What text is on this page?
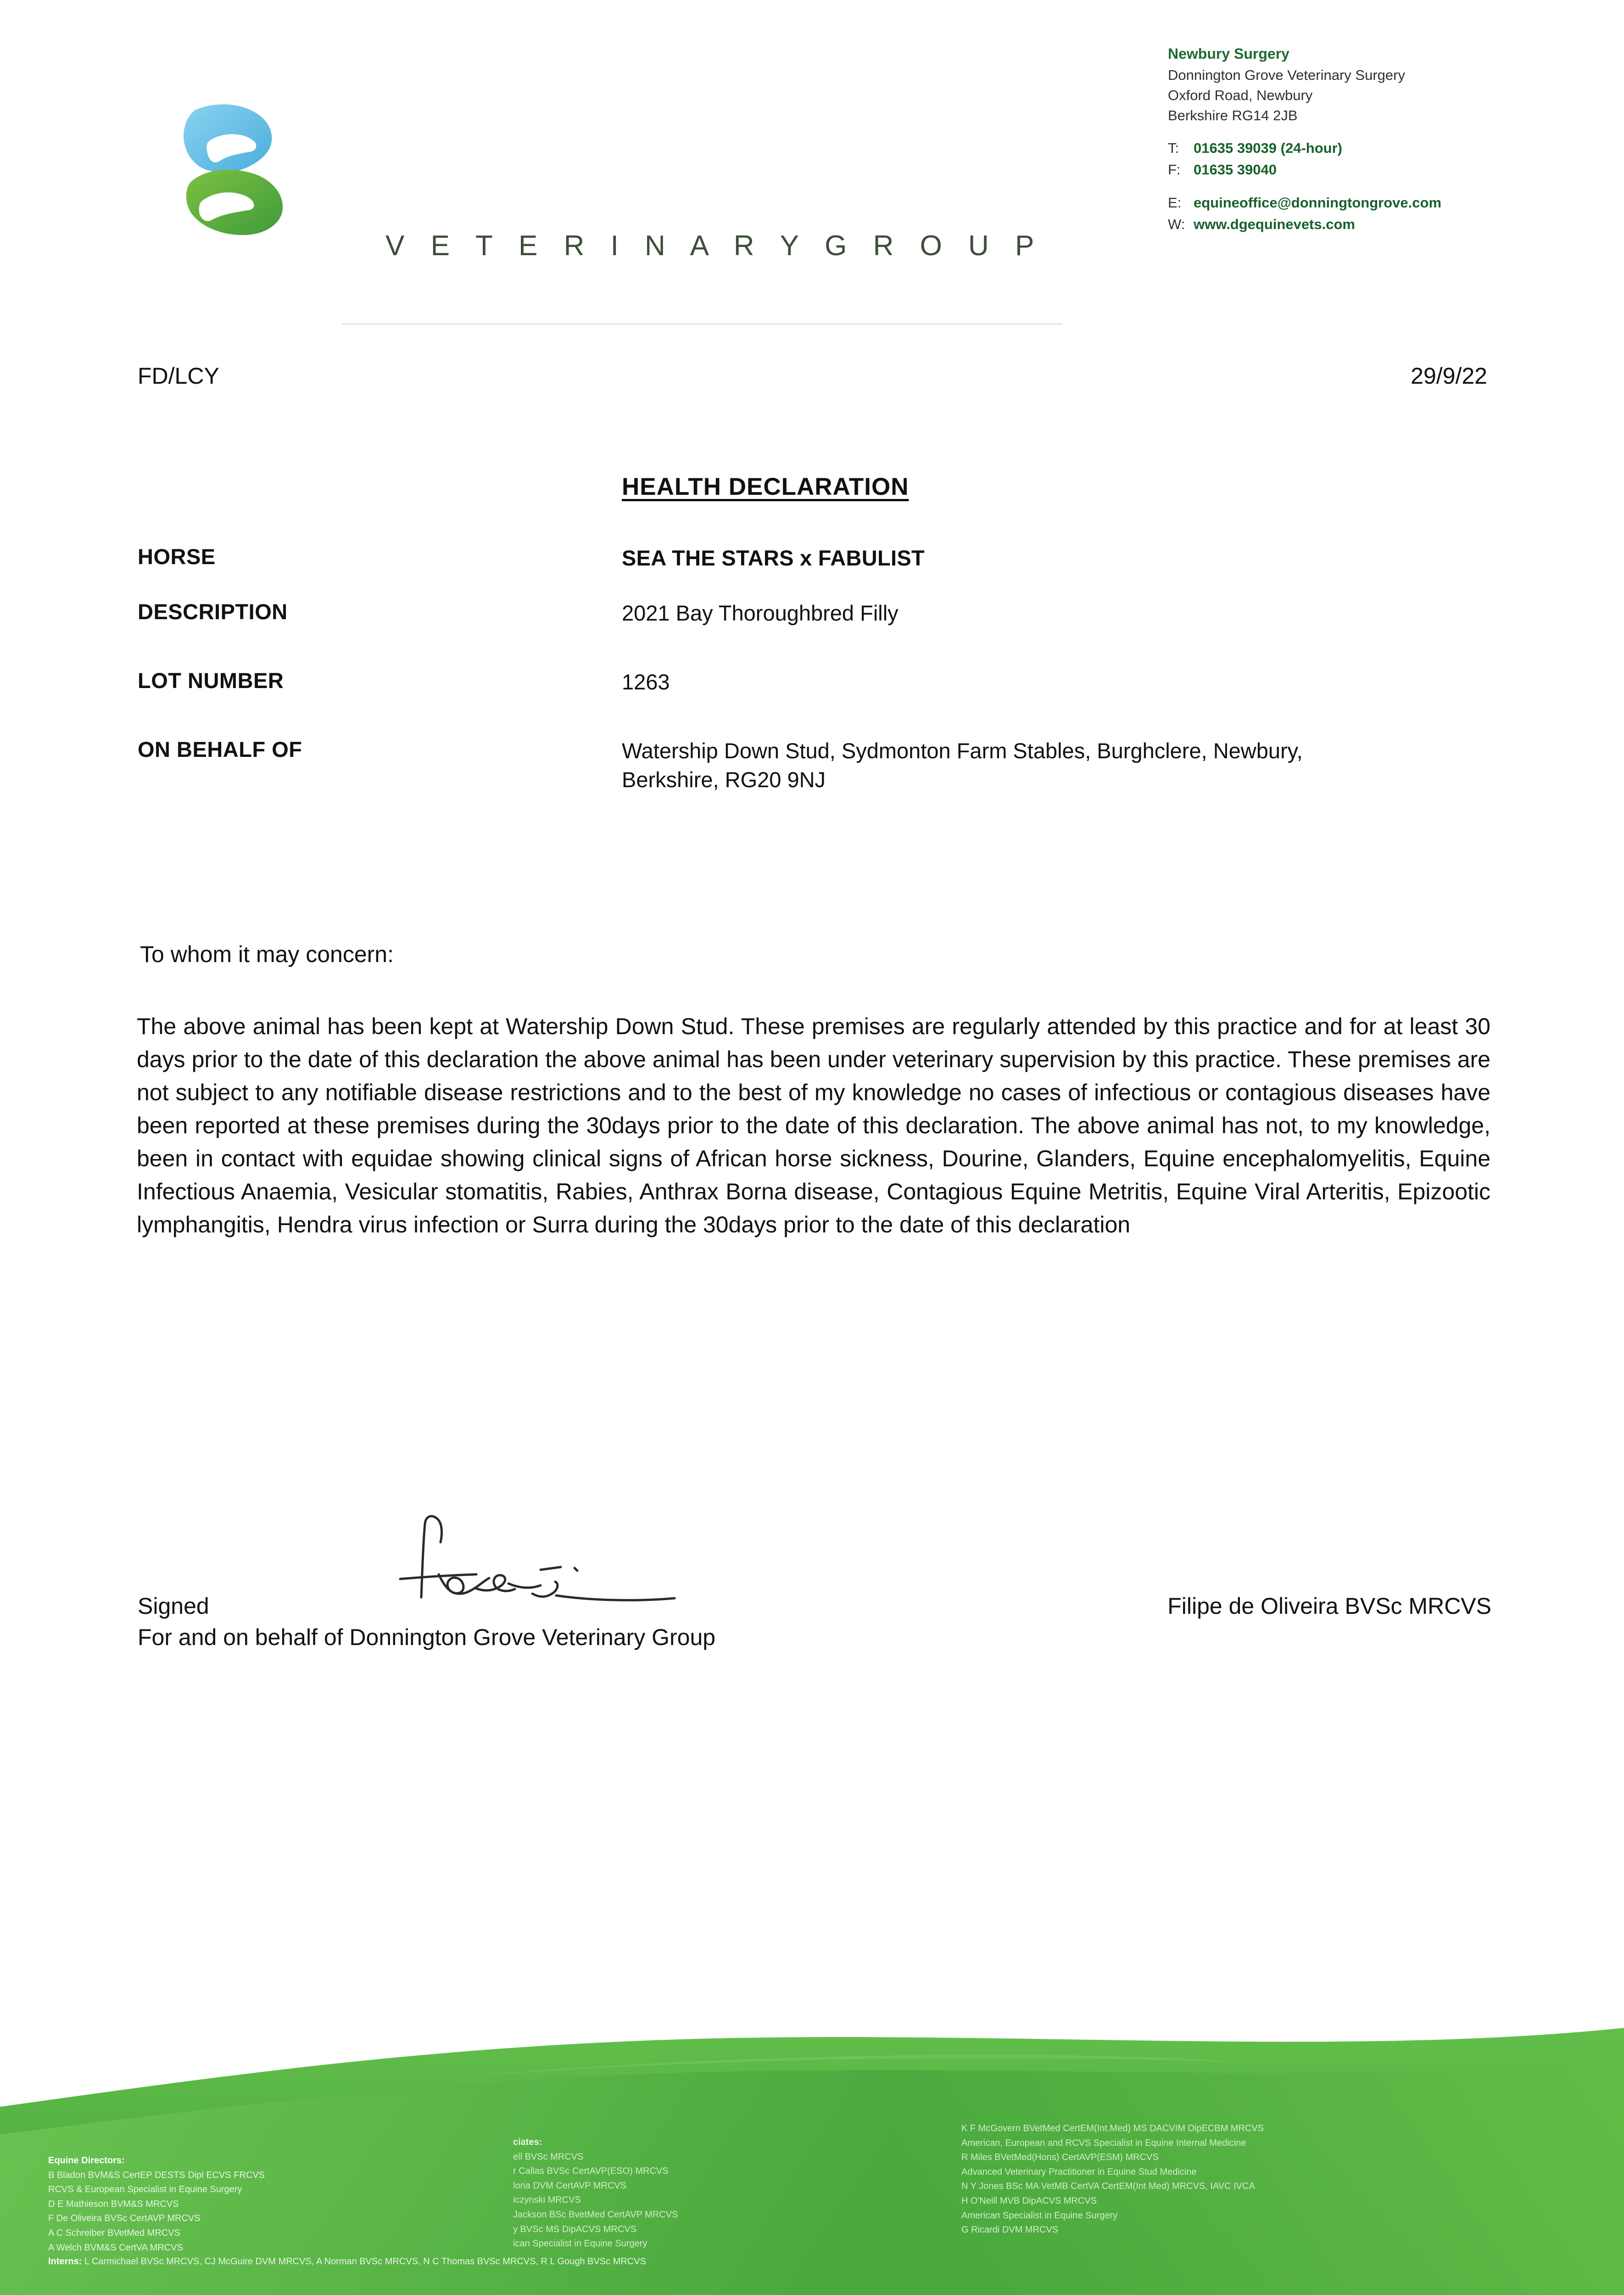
V E T E R I N A R Y G R O U P
Newbury Surgery
Donnington Grove Veterinary Surgery
Oxford Road, Newbury
Berkshire RG14 2JB
T:	01635 39039 (24-hour)
F: 01635 39040
E: equineoffice@donningtongrove.com
W: www.dgequinevets.com
FD/LCY	29/9/22
HEALTH DECLARATION
HORSE	SEA THE STARS x FABULIST
DESCRIPTION	2021 Bay Thoroughbred Filly
LOT NUMBER	1263
ON BEHALF OF	Watership Down Stud, Sydmonton Farm Stables, Burghclere, Newbury, Berkshire, RG20 9NJ
To whom it may concern:
The above animal has been kept at Watership Down Stud. These premises are regularly attended by this practice and for at least 30 days prior to the date of this declaration the above animal has been under veterinary supervision by this practice. These premises are not subject to any notifiable disease restrictions and to the best of my knowledge no cases of infectious or contagious diseases have been reported at these premises during the 30days prior to the date of this declaration. The above animal has not, to my knowledge, been in contact with equidae showing clinical signs of African horse sickness, Dourine, Glanders, Equine encephalomyelitis, Equine Infectious Anaemia, Vesicular stomatitis, Rabies, Anthrax Borna disease, Contagious Equine Metritis, Equine Viral Arteritis, Epizootic lymphangitis, Hendra virus infection or Surra during the 30days prior to the date of this declaration
Signed
For and on behalf of Donnington Grove Veterinary Group
Filipe de Oliveira BVSc MRCVS
Equine Directors:
B Bladon BVM&S CertEP DESTS Dipl ECVS FRCVS
RCVS & European Specialist in Equine Surgery
D E Mathieson BVM&S MRCVS
F De Oliveira BVSc CertAVP MRCVS
A C Schreiber BVetMed MRCVS
A Welch BVM&S CertVA MRCVS
ciates:
ell BVSc MRCVS
r Callas BVSc CertAVP(ESO) MRCVS
loria DVM CertAVP MRCVS
iczynski MRCVS
Jackson BSc BvetMed CertAVP MRCVS
y BVSc MS DipACVS MRCVS
ican Specialist in Equine Surgery
K F McGovern BVetMed CertEM(Int.Med) MS DACVIM DipECBM MRCVS
American, European and RCVS Specialist in Equine Internal Medicine
R Miles BVetMed(Hons) CertAVP(ESM) MRCVS
Advanced Veterinary Practitioner in Equine Stud Medicine
N Y Jones BSc MA VetMB CertVA CertEM(Int Med) MRCVS, IAVC IVCA
H O'Neill MVB DipACVS MRCVS
American Specialist in Equine Surgery
G Ricardi DVM MRCVS
Interns: L Carmichael BVSc MRCVS, CJ McGuire DVM MRCVS, A Norman BVSc MRCVS, N C Thomas BVSc MRCVS, R L Gough BVSc MRCVS
